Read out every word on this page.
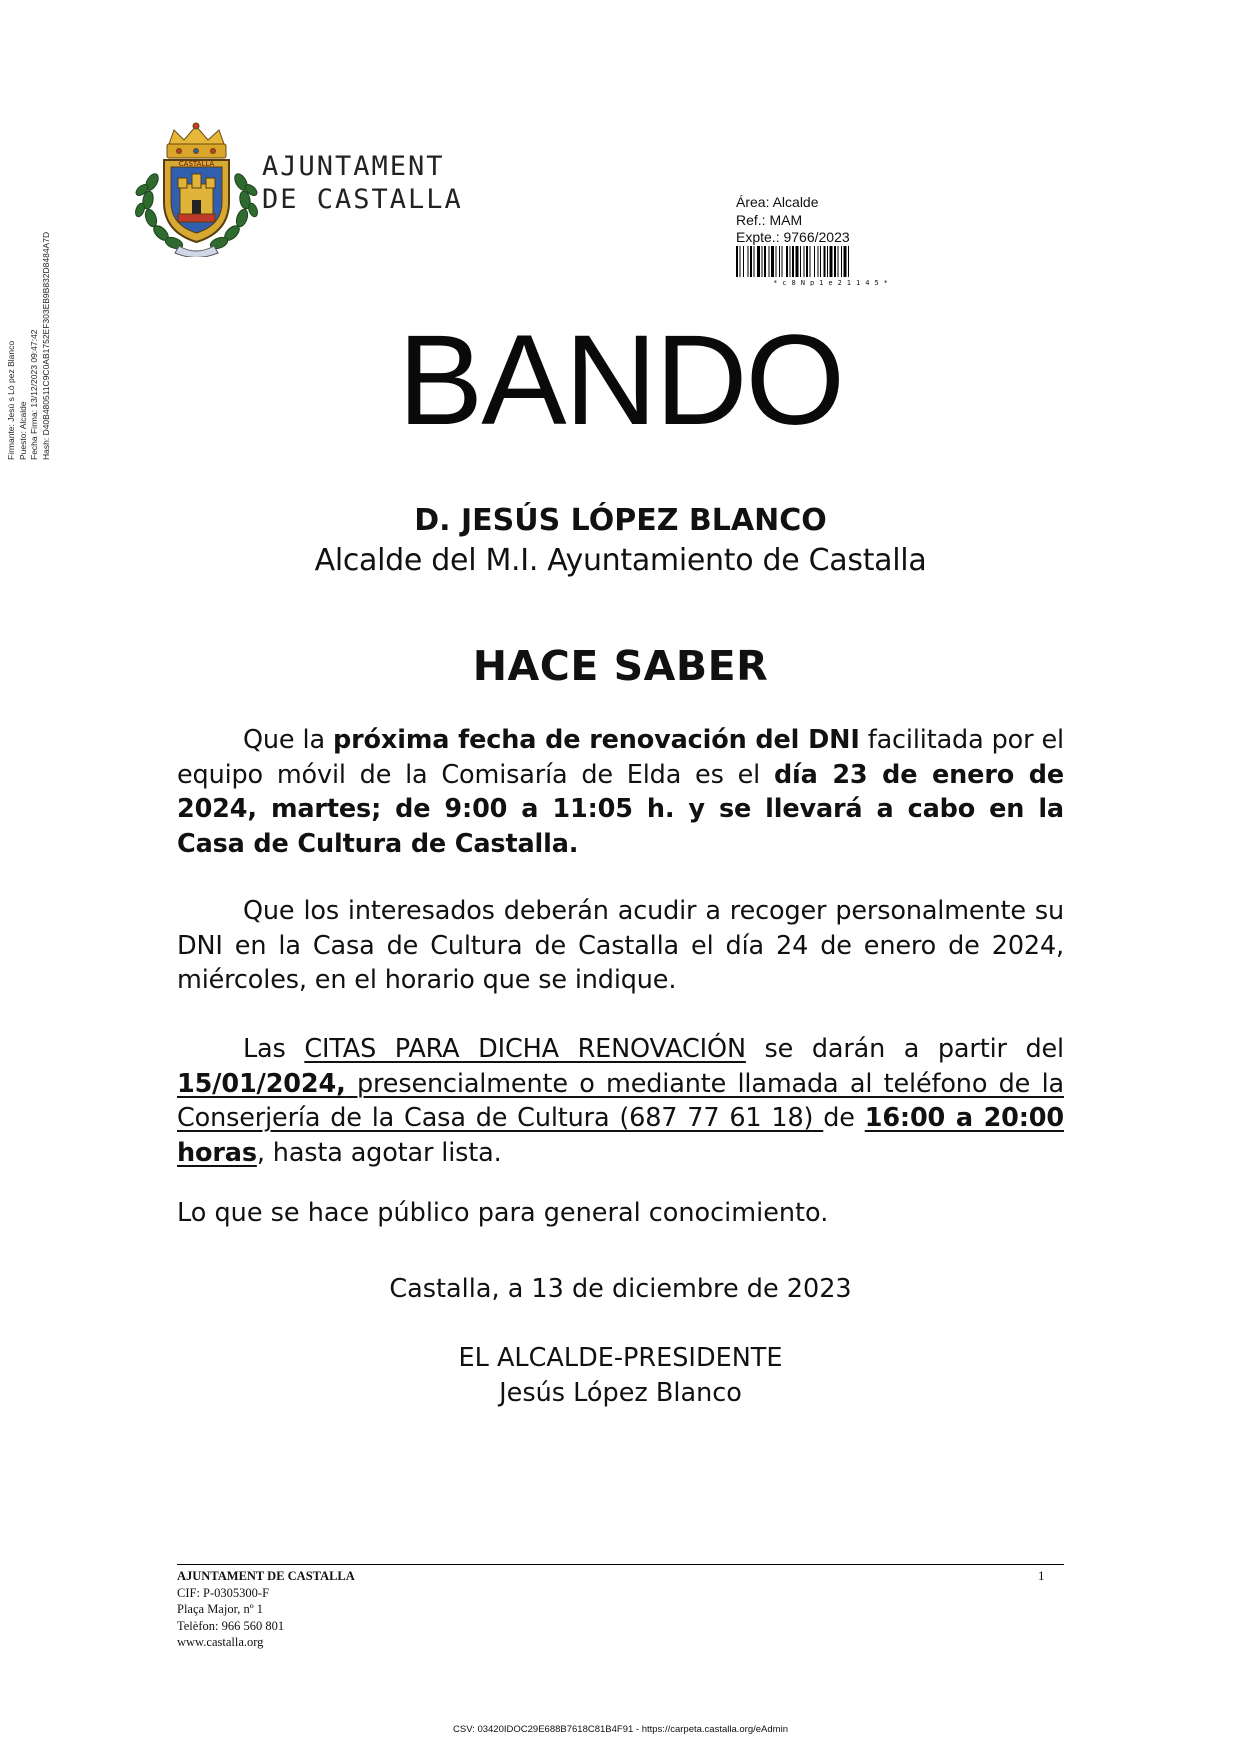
Firmante: Jesú s Ló pez Blanco Puesto: Alcalde Fecha Firma: 13/12/2023 09:47:42 Hash: D40B480511C9C0AB1752EF303EB9B832D8484A7D
CASTALLA AJUNTAMENT
DE CASTALLA	Área: Alcalde
Ref.: MAM
Expte.: 9766/2023
*c8Np1e21145*
BANDO
D. JESÚS LÓPEZ BLANCO
Alcalde del M.I. Ayuntamiento de Castalla
HACE SABER
Que la próxima fecha de renovación del DNI facilitada por el equipo móvil de la Comisaría de Elda es el día 23 de enero de 2024, martes; de 9:00 a 11:05 h. y se llevará a cabo en la Casa de Cultura de Castalla.
Que los interesados deberán acudir a recoger personalmente su DNI en la Casa de Cultura de Castalla el día 24 de enero de 2024, miércoles, en el horario que se indique.
Las CITAS PARA DICHA RENOVACIÓN se darán a partir del 15/01/2024, presencialmente o mediante llamada al teléfono de la Conserjería de la Casa de Cultura (687 77 61 18) de 16:00 a 20:00 horas, hasta agotar lista.
Lo que se hace público para general conocimiento.
Castalla, a 13 de diciembre de 2023
EL ALCALDE-PRESIDENTE
Jesús López Blanco
AJUNTAMENT DE CASTALLA
CIF: P-0305300-F
Plaça Major, nº 1
Telèfon: 966 560 801
www.castalla.org
1
CSV: 03420IDOC29E688B7618C81B4F91 - https://carpeta.castalla.org/eAdmin
